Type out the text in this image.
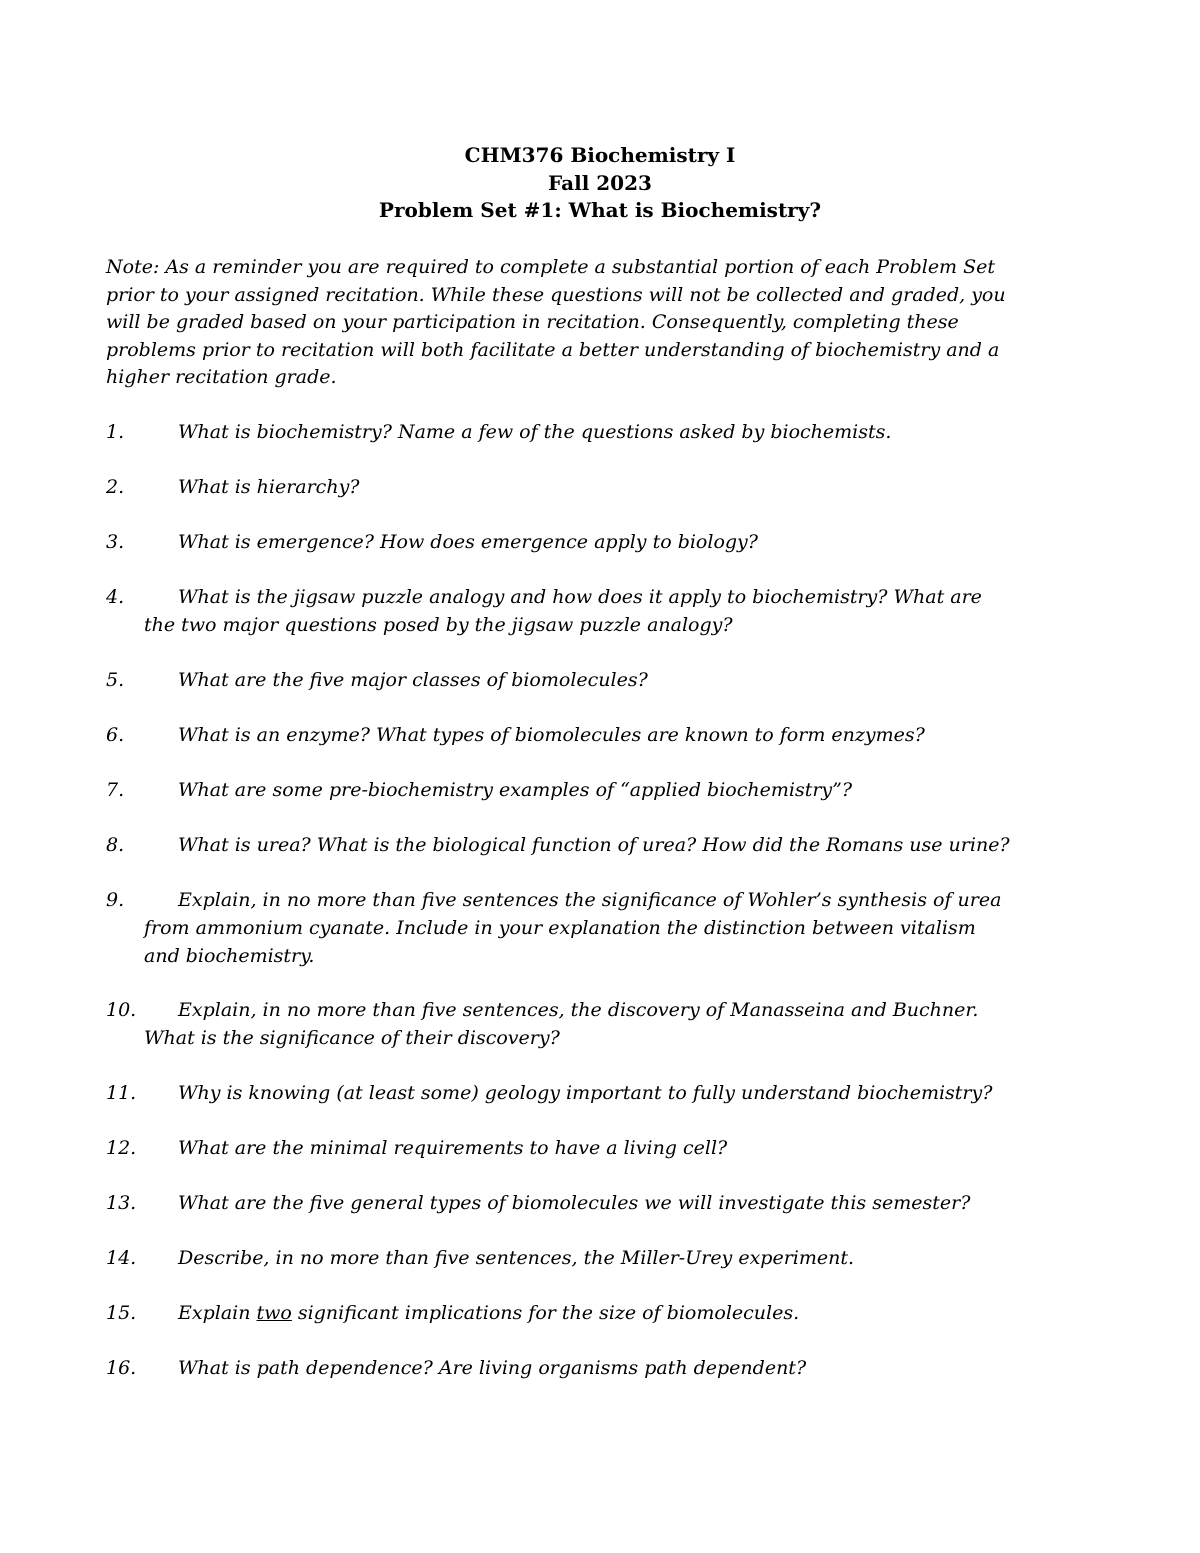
CHM376 Biochemistry I
Fall 2023
Problem Set #1: What is Biochemistry?
Note: As a reminder you are required to complete a substantial portion of each Problem Set
prior to your assigned recitation. While these questions will not be collected and graded, you
will be graded based on your participation in recitation. Consequently, completing these
problems prior to recitation will both facilitate a better understanding of biochemistry and a
higher recitation grade.
1.	What is biochemistry? Name a few of the questions asked by biochemists.
2.	What is hierarchy?
3.	What is emergence? How does emergence apply to biology?
4.	What is the jigsaw puzzle analogy and how does it apply to biochemistry? What are
the two major questions posed by the jigsaw puzzle analogy?
5.	What are the five major classes of biomolecules?
6.	What is an enzyme? What types of biomolecules are known to form enzymes?
7.	What are some pre-biochemistry examples of “applied biochemistry”?
8.	What is urea? What is the biological function of urea? How did the Romans use urine?
9.	Explain, in no more than five sentences the significance of Wohler’s synthesis of urea
from ammonium cyanate. Include in your explanation the distinction between vitalism
and biochemistry.
10. Explain, in no more than five sentences, the discovery of Manasseina and Buchner.
What is the significance of their discovery?
11. Why is knowing (at least some) geology important to fully understand biochemistry?
12. What are the minimal requirements to have a living cell?
13. What are the five general types of biomolecules we will investigate this semester?
14. Describe, in no more than five sentences, the Miller-Urey experiment.
15. Explain two significant implications for the size of biomolecules.
16. What is path dependence? Are living organisms path dependent?
